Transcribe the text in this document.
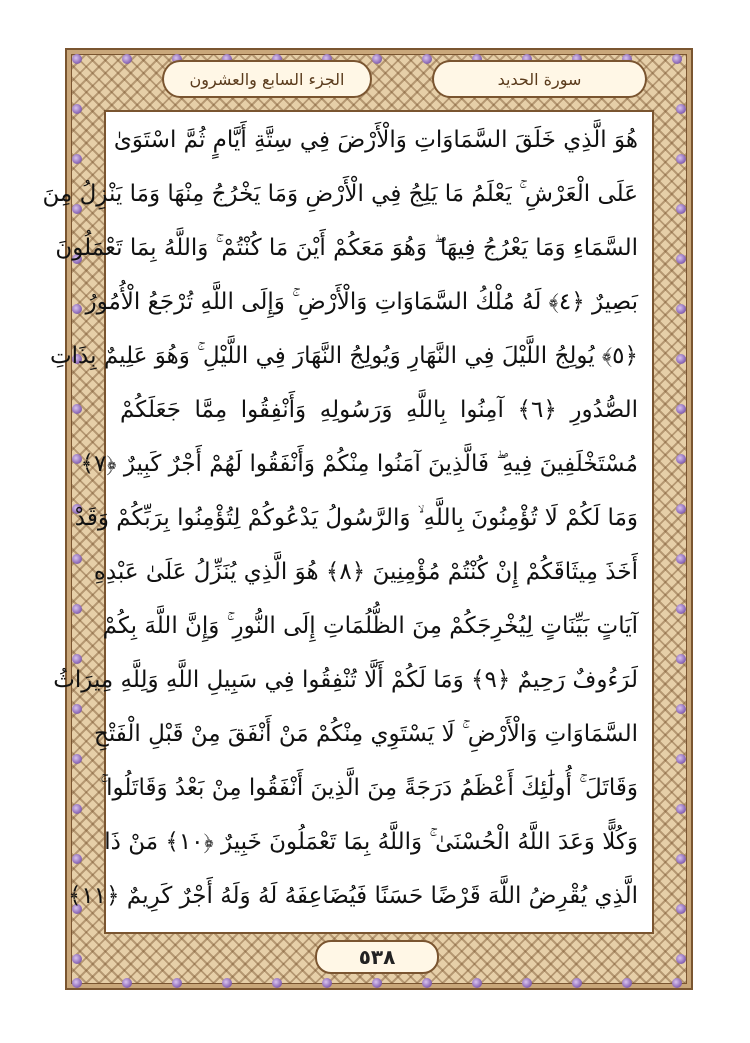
الجزء السابع والعشرون	سورة الحديد
هُوَ الَّذِي خَلَقَ السَّمَاوَاتِ وَالْأَرْضَ فِي سِتَّةِ أَيَّامٍ ثُمَّ اسْتَوَىٰ
عَلَى الْعَرْشِ ۚ يَعْلَمُ مَا يَلِجُ فِي الْأَرْضِ وَمَا يَخْرُجُ مِنْهَا وَمَا يَنْزِلُ مِنَ
السَّمَاءِ وَمَا يَعْرُجُ فِيهَا ۖ وَهُوَ مَعَكُمْ أَيْنَ مَا كُنْتُمْ ۚ وَاللَّهُ بِمَا تَعْمَلُونَ
بَصِيرٌ ﴿٤﴾ لَهُ مُلْكُ السَّمَاوَاتِ وَالْأَرْضِ ۚ وَإِلَى اللَّهِ تُرْجَعُ الْأُمُورُ
﴿٥﴾ يُولِجُ اللَّيْلَ فِي النَّهَارِ وَيُولِجُ النَّهَارَ فِي اللَّيْلِ ۚ وَهُوَ عَلِيمٌ بِذَاتِ
الصُّدُورِ ﴿٦﴾ آمِنُوا بِاللَّهِ وَرَسُولِهِ وَأَنْفِقُوا مِمَّا جَعَلَكُمْ
مُسْتَخْلَفِينَ فِيهِ ۖ فَالَّذِينَ آمَنُوا مِنْكُمْ وَأَنْفَقُوا لَهُمْ أَجْرٌ كَبِيرٌ ﴿٧﴾
وَمَا لَكُمْ لَا تُؤْمِنُونَ بِاللَّهِ ۙ وَالرَّسُولُ يَدْعُوكُمْ لِتُؤْمِنُوا بِرَبِّكُمْ وَقَدْ
أَخَذَ مِيثَاقَكُمْ إِنْ كُنْتُمْ مُؤْمِنِينَ ﴿٨﴾ هُوَ الَّذِي يُنَزِّلُ عَلَىٰ عَبْدِهِ
آيَاتٍ بَيِّنَاتٍ لِيُخْرِجَكُمْ مِنَ الظُّلُمَاتِ إِلَى النُّورِ ۚ وَإِنَّ اللَّهَ بِكُمْ
لَرَءُوفٌ رَحِيمٌ ﴿٩﴾ وَمَا لَكُمْ أَلَّا تُنْفِقُوا فِي سَبِيلِ اللَّهِ وَلِلَّهِ مِيرَاثُ
السَّمَاوَاتِ وَالْأَرْضِ ۚ لَا يَسْتَوِي مِنْكُمْ مَنْ أَنْفَقَ مِنْ قَبْلِ الْفَتْحِ
وَقَاتَلَ ۚ أُولَٰئِكَ أَعْظَمُ دَرَجَةً مِنَ الَّذِينَ أَنْفَقُوا مِنْ بَعْدُ وَقَاتَلُوا ۚ
وَكُلًّا وَعَدَ اللَّهُ الْحُسْنَىٰ ۚ وَاللَّهُ بِمَا تَعْمَلُونَ خَبِيرٌ ﴿١٠﴾ مَنْ ذَا
الَّذِي يُقْرِضُ اللَّهَ قَرْضًا حَسَنًا فَيُضَاعِفَهُ لَهُ وَلَهُ أَجْرٌ كَرِيمٌ ﴿١١﴾
٥٣٨
